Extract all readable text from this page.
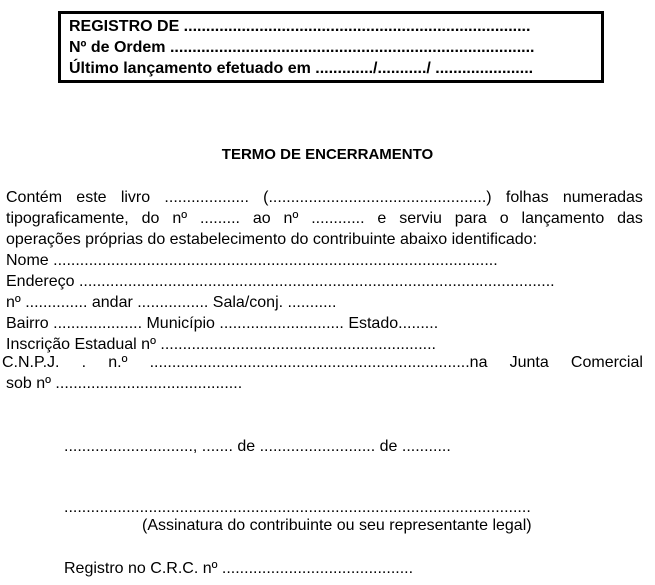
REGISTRO DE ..............................................................................
Nº de Ordem ..................................................................................
Último lançamento efetuado em ............./.........../ ......................
TERMO DE ENCERRAMENTO
Contém este livro ................... (.................................................) folhas numeradas
tipograficamente, do nº ......... ao nº ............ e serviu para o lançamento das
operações próprias do estabelecimento do contribuinte abaixo identificado:
Nome ....................................................................................................
Endereço ...........................................................................................................
nº .............. andar ................ Sala/conj. ...........
Bairro .................... Município ............................ Estado.........
Inscrição Estadual nº ..............................................................
C.N.P.J. . n.º ........................................................................na Junta Comercial
sob nº ..........................................
............................., ....... de .......................... de ...........
.........................................................................................................
(Assinatura do contribuinte ou seu representante legal)
Registro no C.R.C. nº ...........................................
